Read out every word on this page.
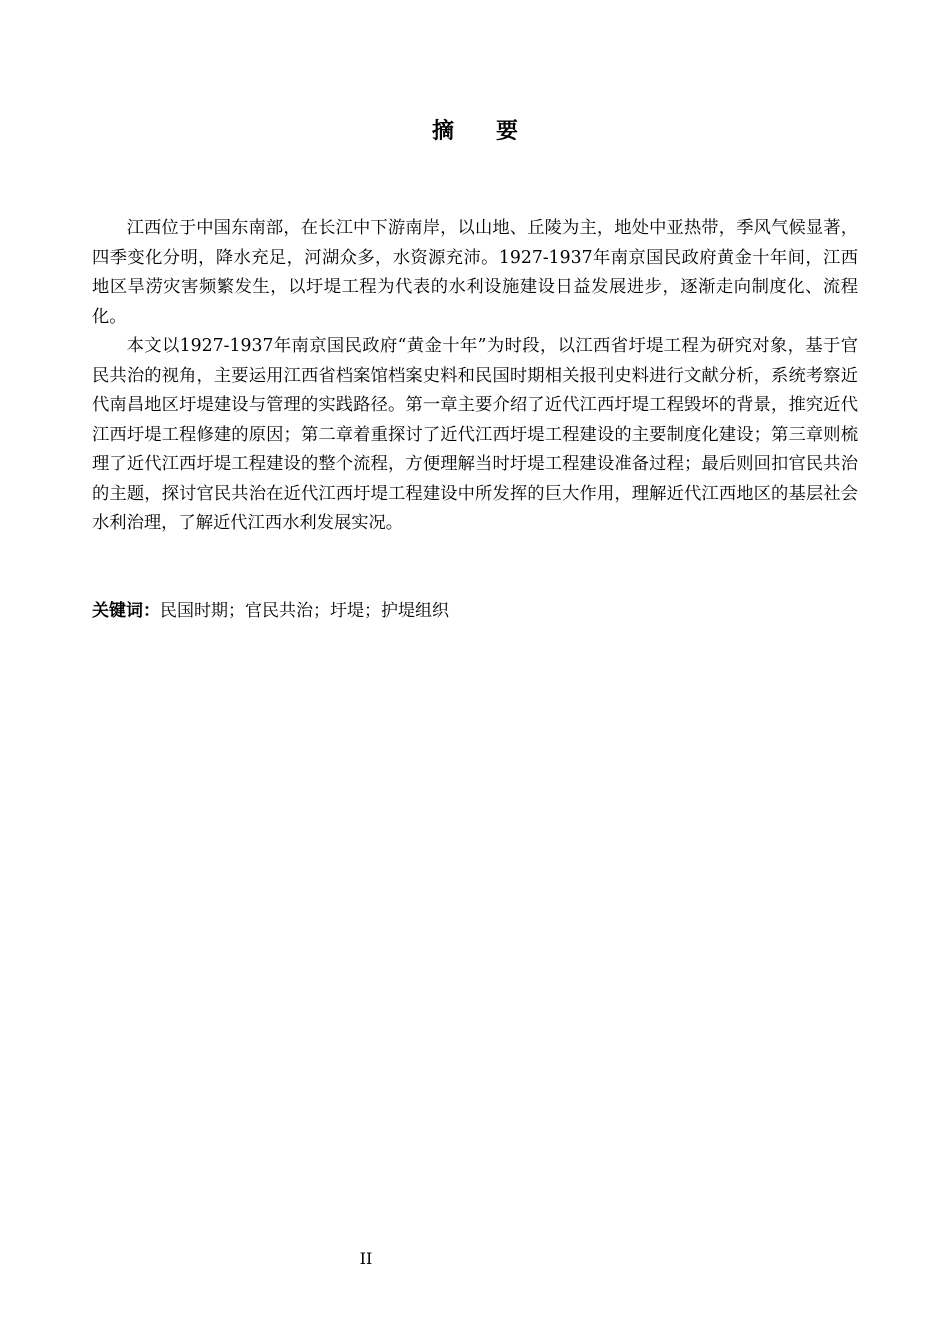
摘要

江西位于中国东南部，在长江中下游南岸，以山地、丘陵为主，地处中亚热带，季风气候显著，四季变化分明，降水充足，河湖众多，水资源充沛。1927-1937年南京国民政府黄金十年间，江西地区旱涝灾害频繁发生，以圩堤工程为代表的水利设施建设日益发展进步，逐渐走向制度化、流程化。

本文以1927-1937年南京国民政府“黄金十年”为时段，以江西省圩堤工程为研究对象，基于官民共治的视角，主要运用江西省档案馆档案史料和民国时期相关报刊史料进行文献分析，系统考察近代南昌地区圩堤建设与管理的实践路径。第一章主要介绍了近代江西圩堤工程毁坏的背景，推究近代江西圩堤工程修建的原因；第二章着重探讨了近代江西圩堤工程建设的主要制度化建设；第三章则梳理了近代江西圩堤工程建设的整个流程，方便理解当时圩堤工程建设准备过程；最后则回扣官民共治的主题，探讨官民共治在近代江西圩堤工程建设中所发挥的巨大作用，理解近代江西地区的基层社会水利治理，了解近代江西水利发展实况。

关键词：民国时期；官民共治；圩堤；护堤组织

II
